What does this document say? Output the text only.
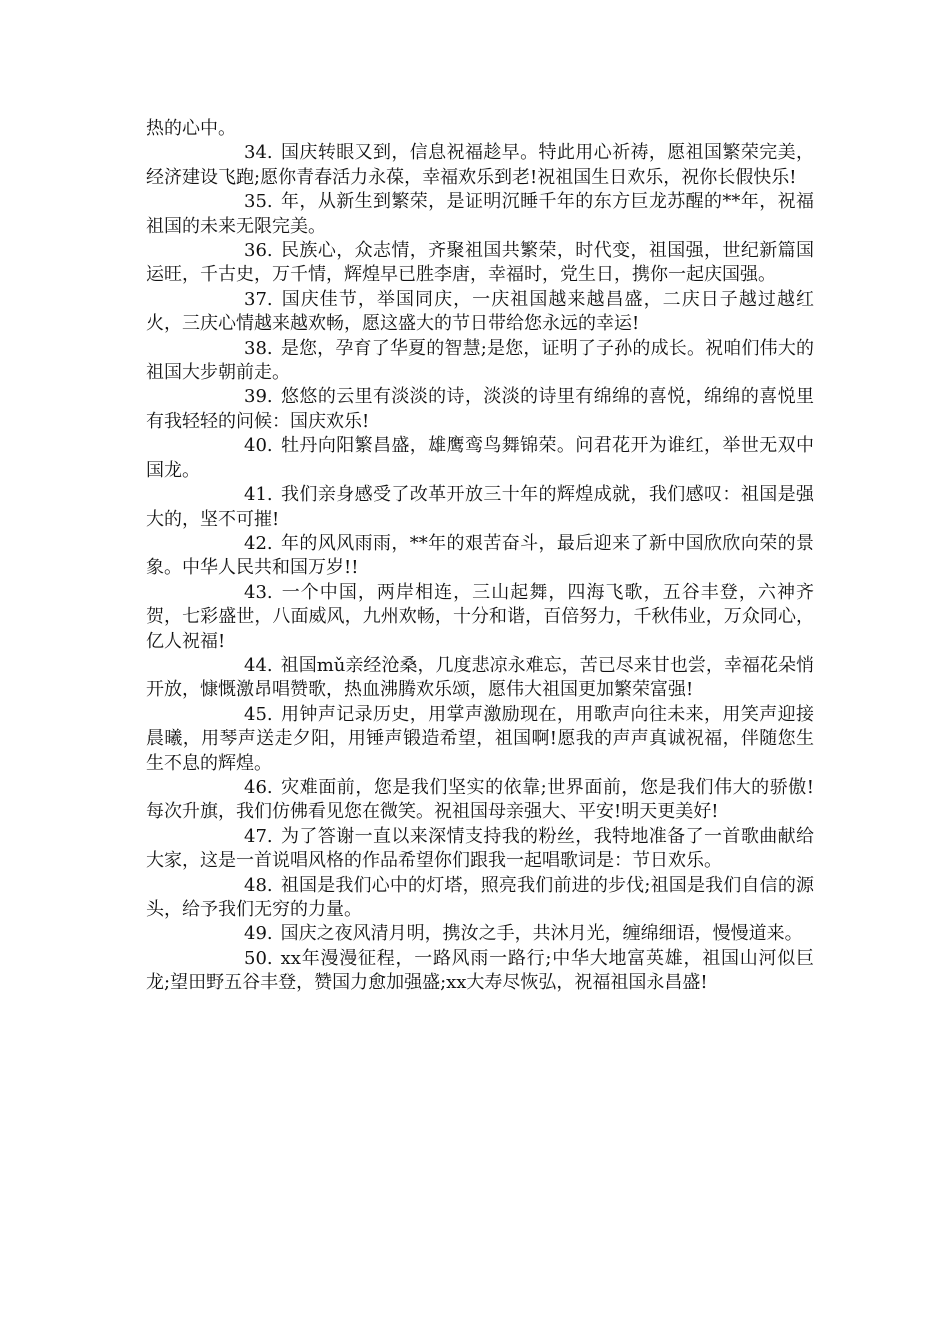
热的心中。

34. 国庆转眼又到，信息祝福趁早。特此用心祈祷，愿祖国繁荣完美，经济建设飞跑;愿你青春活力永葆，幸福欢乐到老!祝祖国生日欢乐，祝你长假快乐!

35. 年，从新生到繁荣，是证明沉睡千年的东方巨龙苏醒的**年，祝福祖国的未来无限完美。

36. 民族心，众志情，齐聚祖国共繁荣，时代变，祖国强，世纪新篇国运旺，千古史，万千情，辉煌早已胜李唐，幸福时，党生日，携你一起庆国强。

37. 国庆佳节，举国同庆，一庆祖国越来越昌盛，二庆日子越过越红火，三庆心情越来越欢畅，愿这盛大的节日带给您永远的幸运!

38. 是您，孕育了华夏的智慧;是您，证明了子孙的成长。祝咱们伟大的祖国大步朝前走。

39. 悠悠的云里有淡淡的诗，淡淡的诗里有绵绵的喜悦，绵绵的喜悦里有我轻轻的问候：国庆欢乐!

40. 牡丹向阳繁昌盛，雄鹰鸾鸟舞锦荣。问君花开为谁红，举世无双中国龙。

41. 我们亲身感受了改革开放三十年的辉煌成就，我们感叹：祖国是强大的，坚不可摧!

42. 年的风风雨雨，**年的艰苦奋斗，最后迎来了新中国欣欣向荣的景象。中华人民共和国万岁!!

43. 一个中国，两岸相连，三山起舞，四海飞歌，五谷丰登，六神齐贺，七彩盛世，八面威风，九州欢畅，十分和谐，百倍努力，千秋伟业，万众同心，亿人祝福!

44. 祖国mǔ亲经沧桑，几度悲凉永难忘，苦已尽来甘也尝，幸福花朵悄开放，慷慨激昂唱赞歌，热血沸腾欢乐颂，愿伟大祖国更加繁荣富强!

45. 用钟声记录历史，用掌声激励现在，用歌声向往未来，用笑声迎接晨曦，用琴声送走夕阳，用锤声锻造希望，祖国啊!愿我的声声真诚祝福，伴随您生生不息的辉煌。

46. 灾难面前，您是我们坚实的依靠;世界面前，您是我们伟大的骄傲!每次升旗，我们仿佛看见您在微笑。祝祖国母亲强大、平安!明天更美好!

47. 为了答谢一直以来深情支持我的粉丝，我特地准备了一首歌曲献给大家，这是一首说唱风格的作品希望你们跟我一起唱歌词是：节日欢乐。

48. 祖国是我们心中的灯塔，照亮我们前进的步伐;祖国是我们自信的源头，给予我们无穷的力量。

49. 国庆之夜风清月明，携汝之手，共沐月光，缠绵细语，慢慢道来。

50. xx年漫漫征程，一路风雨一路行;中华大地富英雄，祖国山河似巨龙;望田野五谷丰登，赞国力愈加强盛;xx大寿尽恢弘，祝福祖国永昌盛!
